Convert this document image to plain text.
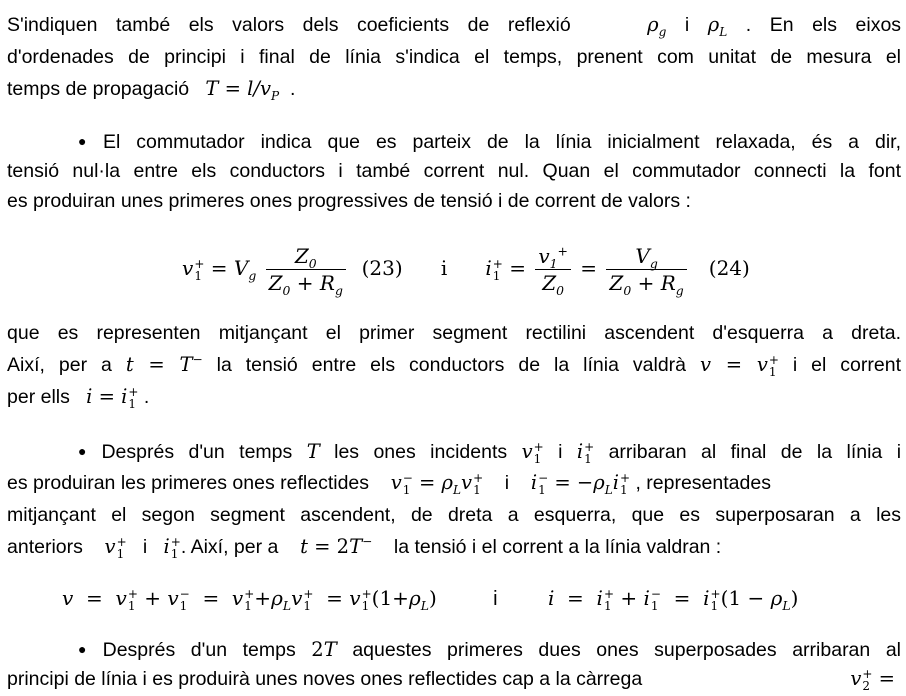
S'indiquen també els valors dels coeficients de reflexió    $\rho_g$ i $\rho_L$ . En els eixos
d'ordenades de principi i final de línia s'indica el temps, prenent com unitat de mesura el
temps de propagació $T = l/v_P$ .
● El commutador indica que es parteix de la línia inicialment relaxada, és a dir,
tensió nul·la entre els conductors i també corrent nul. Quan el commutador connecti la font
es produiran unes primeres ones progressives de tensió i de corrent de valors :
v +
$1 = V_g \frac{Z_0}{Z_0 + R_g} (23)$ i i +
$1 = \frac{v_1^+}{Z_0} = \frac{V_g}{Z_0 + R_g} (24)$
que es representen mitjançant el primer segment rectilini ascendent d'esquerra a dreta.
Així, per a t = T− la tensió entre els conductors de la línia valdrà v = v +
1 i el corrent
per ells i = i +
1 .
● Després d'un temps T les ones incidents v +
1 i i +
1 arribaran al final de la línia i
es produiran les primeres ones reflectides v −
$1 = \rho_Lv$ +
1 i i −
$1 = -\rho_Li$ +
1 , representades
mitjançant el segon segment ascendent, de dreta a esquerra, que es superposaran a les
anteriors v +
1 i i +
1 . Així, per a t = 2T− la tensió i el corrent a la línia valdran :
v  =  v +
1 + v −
1 =  v +
$1 +\rho_Lv$ +
1 = v +
1 $(1+\rho_L)$	i	i  =  i +
1 + i −
1 =  i +
1 $(1 - \rho_L)$
● Després d'un temps 2T aquestes primeres dues ones superposades arribaran al
principi de línia i es produirà unes noves ones reflectides cap a la càrrega	v +
2 =
